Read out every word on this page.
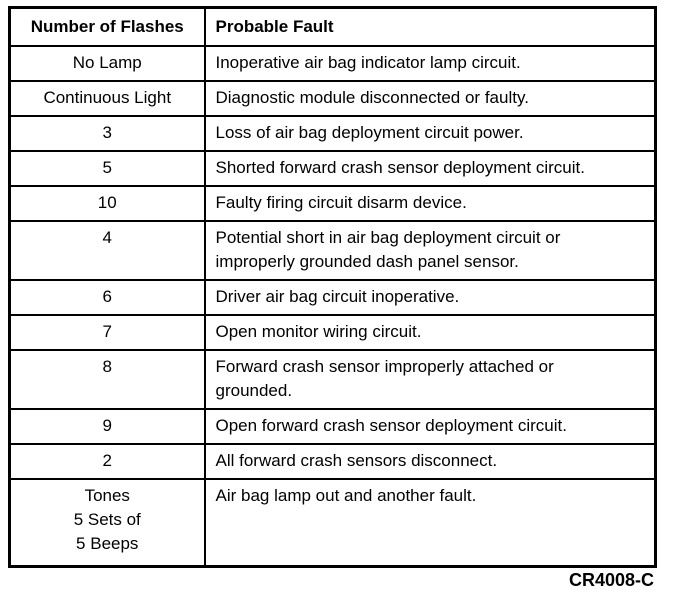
Number of Flashes	Probable Fault

No Lamp	Inoperative air bag indicator lamp circuit.

Continuous Light	Diagnostic module disconnected or faulty.

3	Loss of air bag deployment circuit power.

5	Shorted forward crash sensor deployment circuit.

10	Faulty firing circuit disarm device.

4	Potential short in air bag deployment circuit or
improperly grounded dash panel sensor.

6	Driver air bag circuit inoperative.

7	Open monitor wiring circuit.

8	Forward crash sensor improperly attached or
grounded.

9	Open forward crash sensor deployment circuit.

2	All forward crash sensors disconnect.

Tones
5 Sets of
5 Beeps	Air bag lamp out and another fault.
CR4008-C
